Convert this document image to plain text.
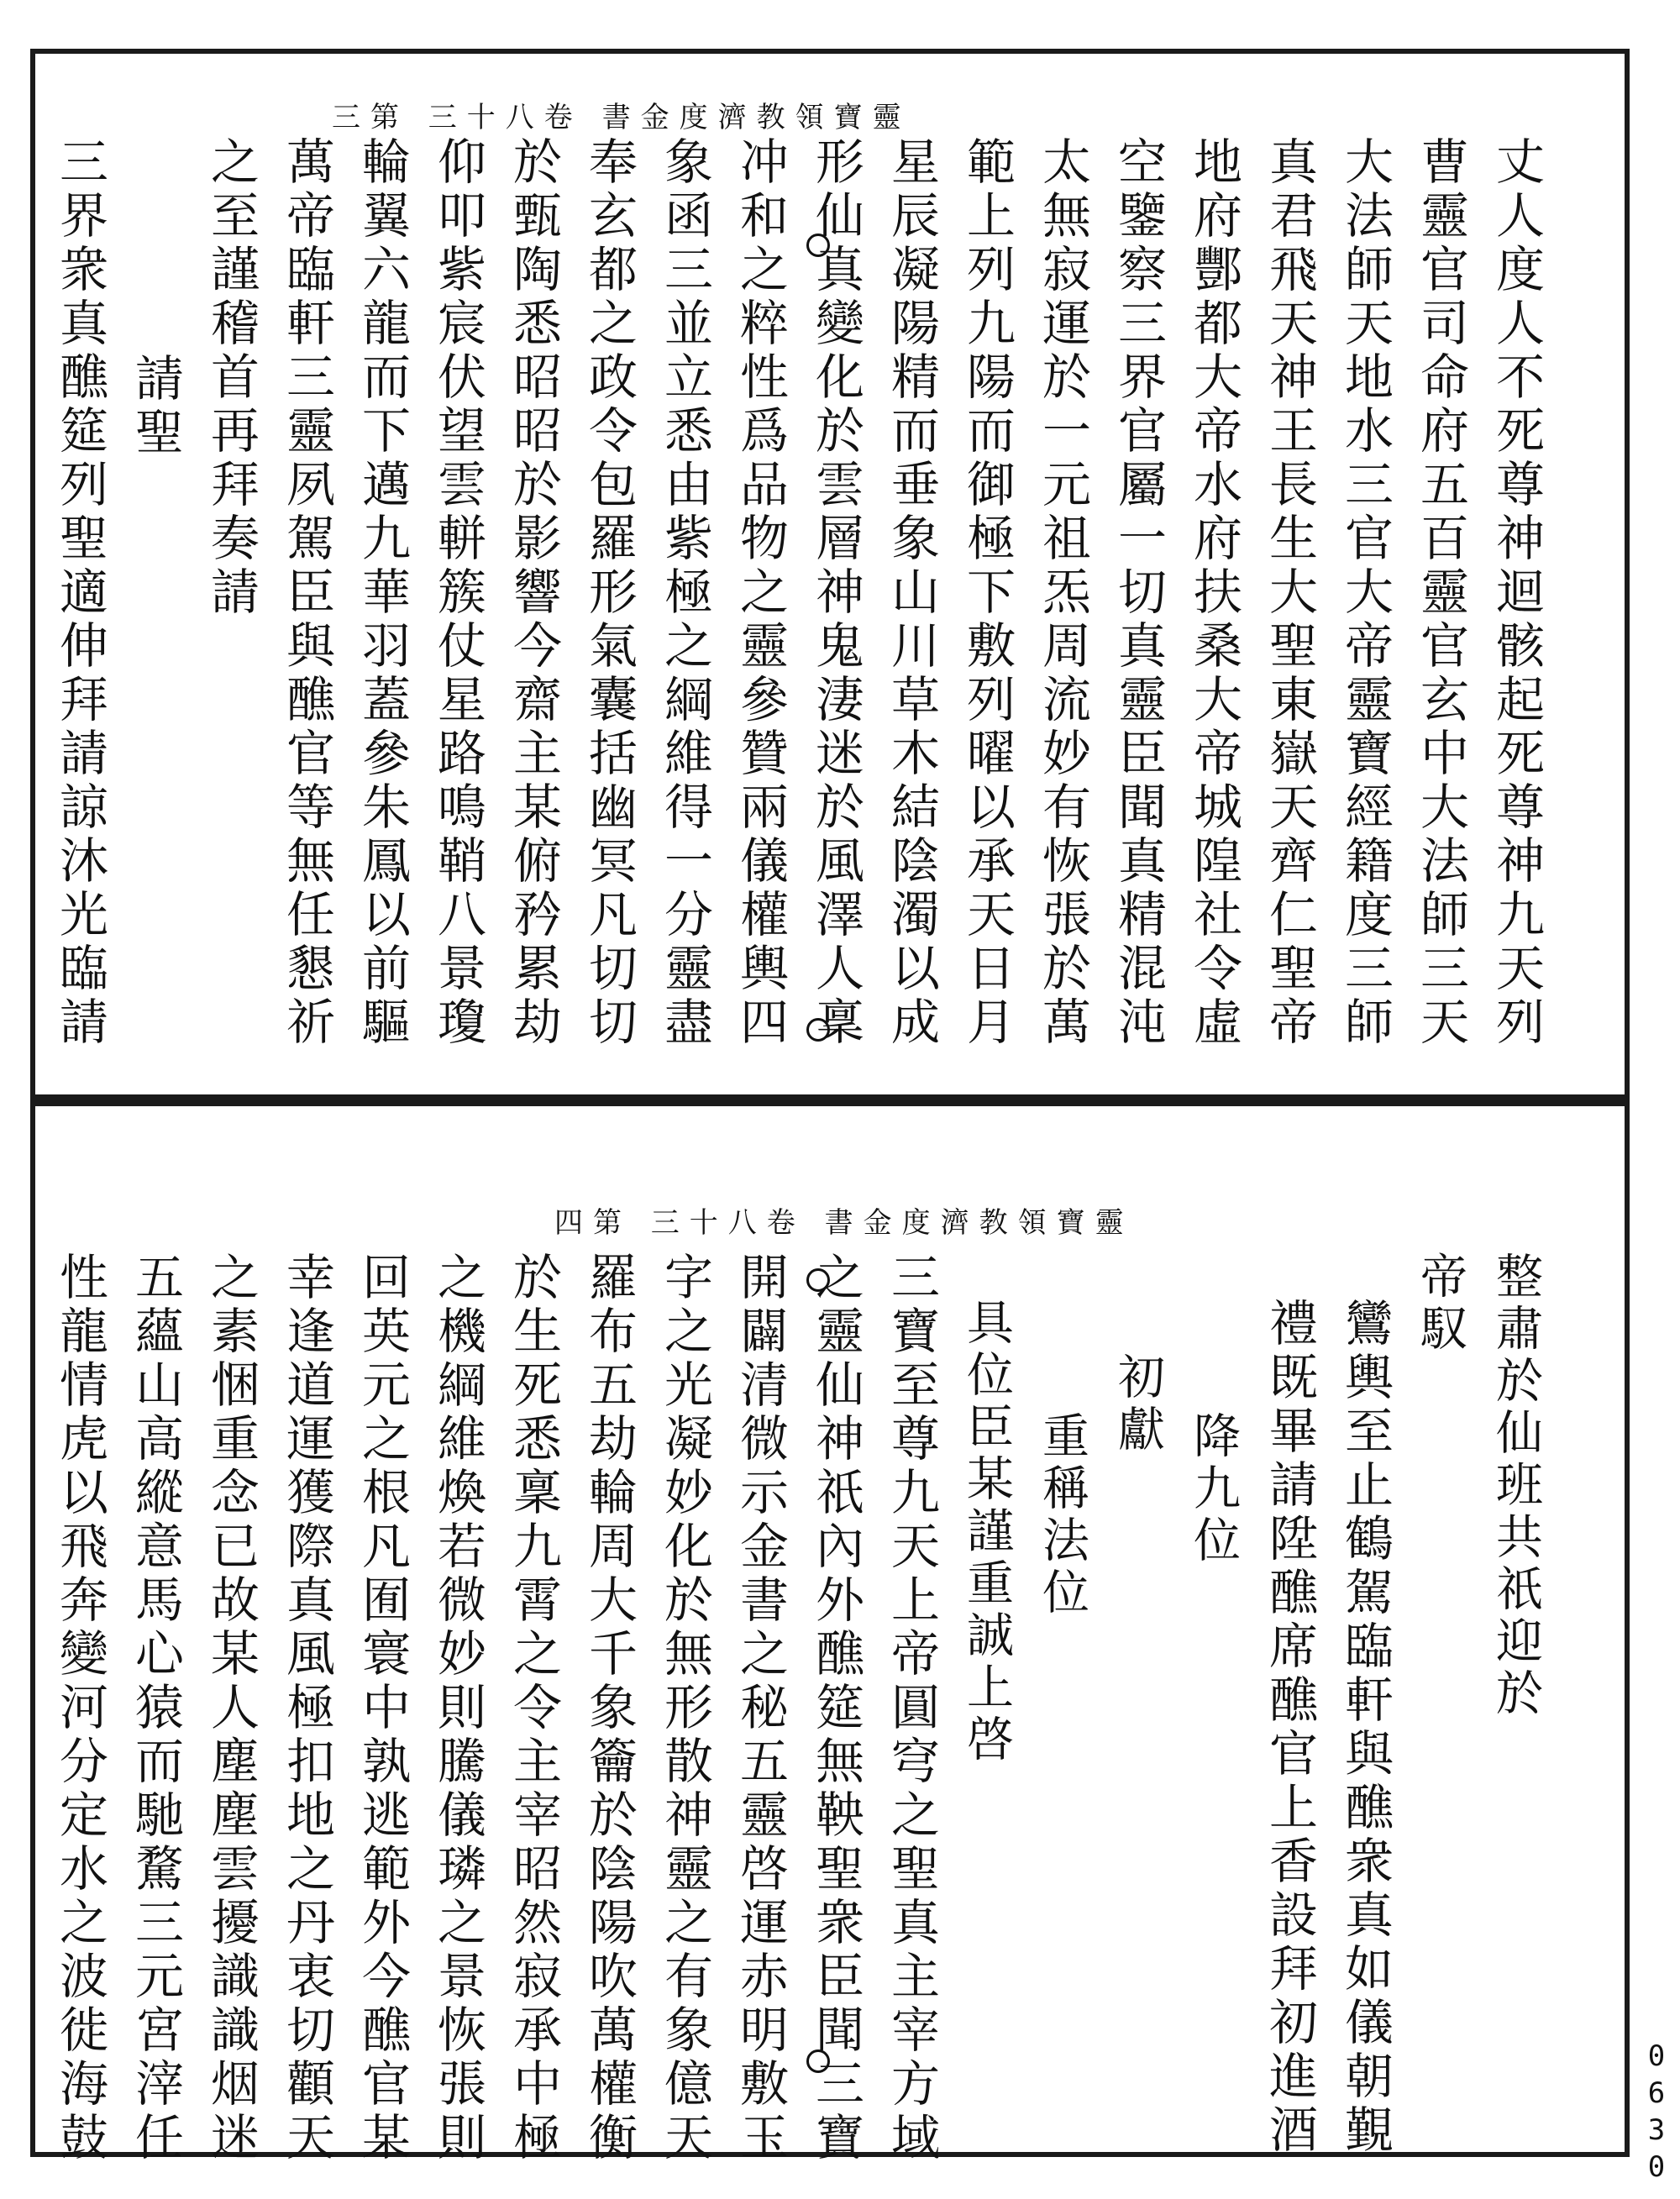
靈寶領教濟度金書 卷八十三 第三
丈人度人不死尊神迴骸起死尊神九天列
曹靈官司命府五百靈官玄中大法師三天
大法師天地水三官大帝靈寶經籍度三師
真君飛天神王長生大聖東嶽天齊仁聖帝
地府酆都大帝水府扶桑大帝城隍社令虛
空鑒察三界官屬一切真靈臣聞真精混沌
太無寂運於一元祖炁周流妙有恢張於萬
範上列九陽而御極下敷列曜以承天日月
星辰凝陽精而垂象山川草木結陰濁以成
形仙真變化於雲層神鬼淒迷於風澤人稟
冲和之粹性爲品物之靈參贊兩儀權輿四
象函三並立悉由紫極之綱維得一分靈盡
奉玄都之政令包羅形氣囊括幽冥凡切切
於甄陶悉昭昭於影響今齋主某俯矜累劫
仰叩紫宸伏望雲軿簇仗星路鳴鞘八景瓊
輪翼六龍而下邁九華羽蓋參朱鳳以前驅
萬帝臨軒三靈夙駕臣與醮官等無任懇祈
靈寶領教濟度金書 卷八十三 第四
整肅於仙班共祇迎於
帝馭
鸞輿至止鶴駕臨軒與醮衆真如儀朝覲
禮既畢請陞醮席醮官上香設拜初進酒
降九位
初獻
重稱法位
具位臣某謹重誠上啓
三寶至尊九天上帝圓穹之聖真主宰方域
之靈仙神祇內外醮筵無鞅聖衆臣聞三寶
開闢清微示金書之秘五靈啓運赤明敷玉
字之光凝妙化於無形散神靈之有象億天
羅布五劫輪周大千象籥於陰陽吹萬權衡
於生死悉稟九霄之令主宰昭然寂承中極
之機綱維煥若微妙則騰儀璘之景恢張則
回英元之根凡囿寰中孰逃範外今醮官某
幸逢道運獲際真風極扣地之丹衷切顴天
之素悃重念已故某人塵塵雲擾識識烟迷
五蘊山高縱意馬心猿而馳騖三元宮滓任
性龍情虎以飛奔變河分定水之波徙海鼓	0630
之至謹稽首再拜奏請
請聖
三界衆真醮筵列聖適伸拜請諒沐光臨請
